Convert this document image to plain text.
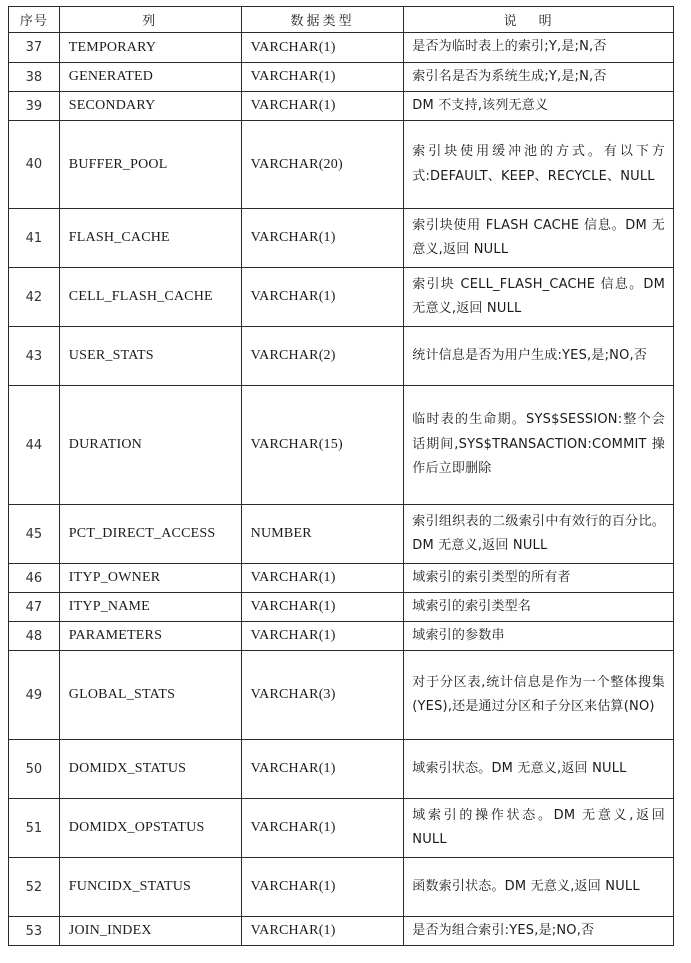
序号	列	数据类型	说明
37	TEMPORARY	VARCHAR(1)	是否为临时表上的索引;Y,是;N,否
38	GENERATED	VARCHAR(1)	索引名是否为系统生成;Y,是;N,否
39	SECONDARY	VARCHAR(1)	DM 不支持,该列无意义
40	BUFFER_POOL	VARCHAR(20)	索引块使用缓冲池的方式。有以下方式:DEFAULT、KEEP、RECYCLE、NULL
41	FLASH_CACHE	VARCHAR(1)	索引块使用 FLASH CACHE 信息。DM 无意义,返回 NULL
42	CELL_FLASH_CACHE	VARCHAR(1)	索引块 CELL_FLASH_CACHE 信息。DM 无意义,返回 NULL
43	USER_STATS	VARCHAR(2)	统计信息是否为用户生成:YES,是;NO,否
44	DURATION	VARCHAR(15)	临时表的生命期。SYS$SESSION:整个会话期间,SYS$TRANSACTION:COMMIT 操作后立即删除
45	PCT_DIRECT_ACCESS	NUMBER	索引组织表的二级索引中有效行的百分比。DM 无意义,返回 NULL
46	ITYP_OWNER	VARCHAR(1)	域索引的索引类型的所有者
47	ITYP_NAME	VARCHAR(1)	域索引的索引类型名
48	PARAMETERS	VARCHAR(1)	域索引的参数串
49	GLOBAL_STATS	VARCHAR(3)	对于分区表,统计信息是作为一个整体搜集(YES),还是通过分区和子分区来估算(NO)
50	DOMIDX_STATUS	VARCHAR(1)	域索引状态。DM 无意义,返回 NULL
51	DOMIDX_OPSTATUS	VARCHAR(1)	域索引的操作状态。DM 无意义,返回 NULL
52	FUNCIDX_STATUS	VARCHAR(1)	函数索引状态。DM 无意义,返回 NULL
53	JOIN_INDEX	VARCHAR(1)	是否为组合索引:YES,是;NO,否
